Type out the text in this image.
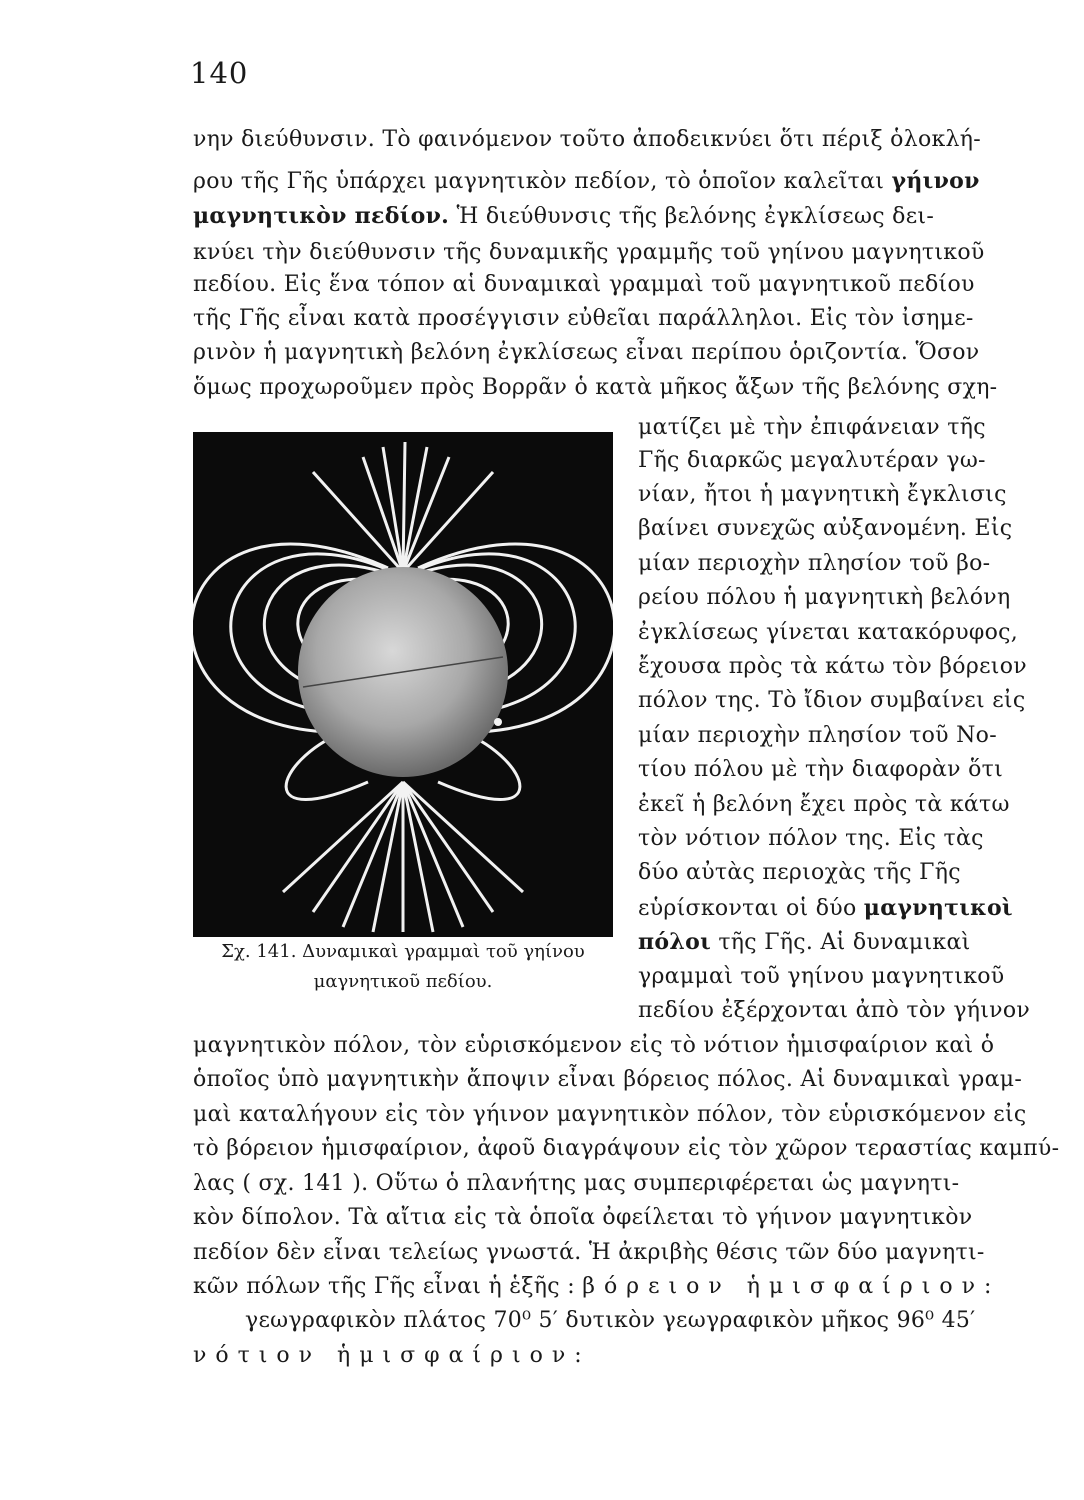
140
νην διεύθυνσιν. Τὸ φαινόμενον τοῦτο ἀποδεικνύει ὅτι πέριξ ὁλοκλή-
ρου τῆς Γῆς ὑπάρχει μαγνητικὸν πεδίον, τὸ ὁποῖον καλεῖται γήινον
μαγνητικὸν πεδίον. Ἡ διεύθυνσις τῆς βελόνης ἐγκλίσεως δει-
κνύει τὴν διεύθυνσιν τῆς δυναμικῆς γραμμῆς τοῦ γηίνου μαγνητικοῦ
πεδίου. Εἰς ἕνα τόπον αἱ δυναμικαὶ γραμμαὶ τοῦ μαγνητικοῦ πεδίου
τῆς Γῆς εἶναι κατὰ προσέγγισιν εὐθεῖαι παράλληλοι. Εἰς τὸν ἰσημε-
ρινὸν ἡ μαγνητικὴ βελόνη ἐγκλίσεως εἶναι περίπου ὁριζοντία. Ὅσον
ὅμως προχωροῦμεν πρὸς Βορρᾶν ὁ κατὰ μῆκος ἄξων τῆς βελόνης σχη-
ματίζει μὲ τὴν ἐπιφάνειαν τῆς
Γῆς διαρκῶς μεγαλυτέραν γω-
νίαν, ἤτοι ἡ μαγνητικὴ ἔγκλισις
βαίνει συνεχῶς αὐξανομένη. Εἰς
μίαν περιοχὴν πλησίον τοῦ βο-
ρείου πόλου ἡ μαγνητικὴ βελόνη
ἐγκλίσεως γίνεται κατακόρυφος,
ἔχουσα πρὸς τὰ κάτω τὸν βόρειον
πόλον της. Τὸ ἴδιον συμβαίνει εἰς
μίαν περιοχὴν πλησίον τοῦ Νο-
τίου πόλου μὲ τὴν διαφορὰν ὅτι
ἐκεῖ ἡ βελόνη ἔχει πρὸς τὰ κάτω
τὸν νότιον πόλον της. Εἰς τὰς
δύο αὐτὰς περιοχὰς τῆς Γῆς
εὑρίσκονται οἱ δύο μαγνητικοὶ
πόλοι τῆς Γῆς. Αἱ δυναμικαὶ
γραμμαὶ τοῦ γηίνου μαγνητικοῦ
πεδίου ἐξέρχονται ἀπὸ τὸν γήινον
Σχ. 141. Δυναμικαὶ γραμμαὶ τοῦ γηίνου
μαγνητικοῦ πεδίου.
μαγνητικὸν πόλον, τὸν εὑρισκόμενον εἰς τὸ νότιον ἡμισφαίριον καὶ ὁ
ὁποῖος ὑπὸ μαγνητικὴν ἄποψιν εἶναι βόρειος πόλος. Αἱ δυναμικαὶ γραμ-
μαὶ καταλήγουν εἰς τὸν γήινον μαγνητικὸν πόλον, τὸν εὑρισκόμενον εἰς
τὸ βόρειον ἡμισφαίριον, ἀφοῦ διαγράψουν εἰς τὸν χῶρον τεραστίας καμπύ-
λας ( σχ. 141 ). Οὕτω ὁ πλανήτης μας συμπεριφέρεται ὡς μαγνητι-
κὸν δίπολον. Τὰ αἴτια εἰς τὰ ὁποῖα ὀφείλεται τὸ γήινον μαγνητικὸν
πεδίον δὲν εἶναι τελείως γνωστά. Ἡ ἀκριβὴς θέσις τῶν δύο μαγνητι-
κῶν πόλων τῆς Γῆς εἶναι ἡ ἑξῆς : βόρειον ἡμισφαίριον:
γεωγραφικὸν πλάτος 70⁰ 5′ δυτικὸν γεωγραφικὸν μῆκος 96⁰ 45′
νότιον ἡμισφαίριον:
